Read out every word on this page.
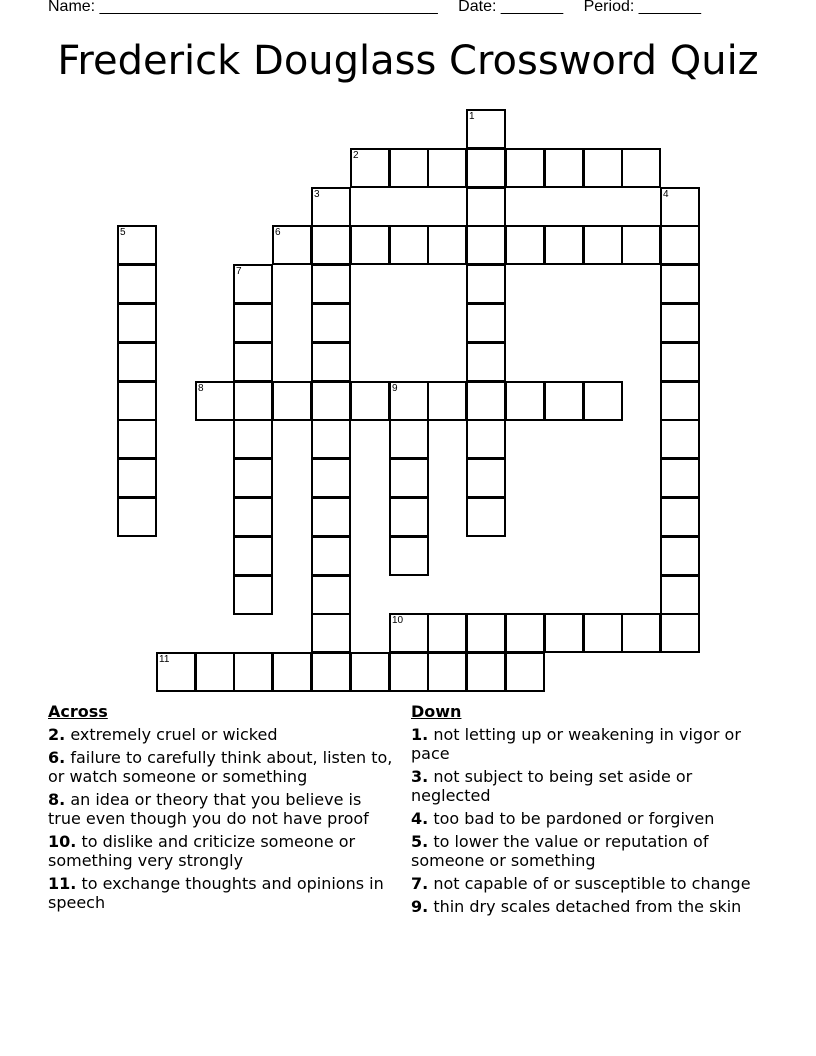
Name: ______________________________________ Date: _______ Period: _______
Frederick Douglass Crossword Quiz
1
2
3	4
5	6
7
8	9
10
11
Across
2. extremely cruel or wicked
6. failure to carefully think about, listen to, or watch someone or something
8. an idea or theory that you believe is true even though you do not have proof
10. to dislike and criticize someone or something very strongly
11. to exchange thoughts and opinions in speech
Down
1. not letting up or weakening in vigor or pace
3. not subject to being set aside or neglected
4. too bad to be pardoned or forgiven
5. to lower the value or reputation of someone or something
7. not capable of or susceptible to change
9. thin dry scales detached from the skin
